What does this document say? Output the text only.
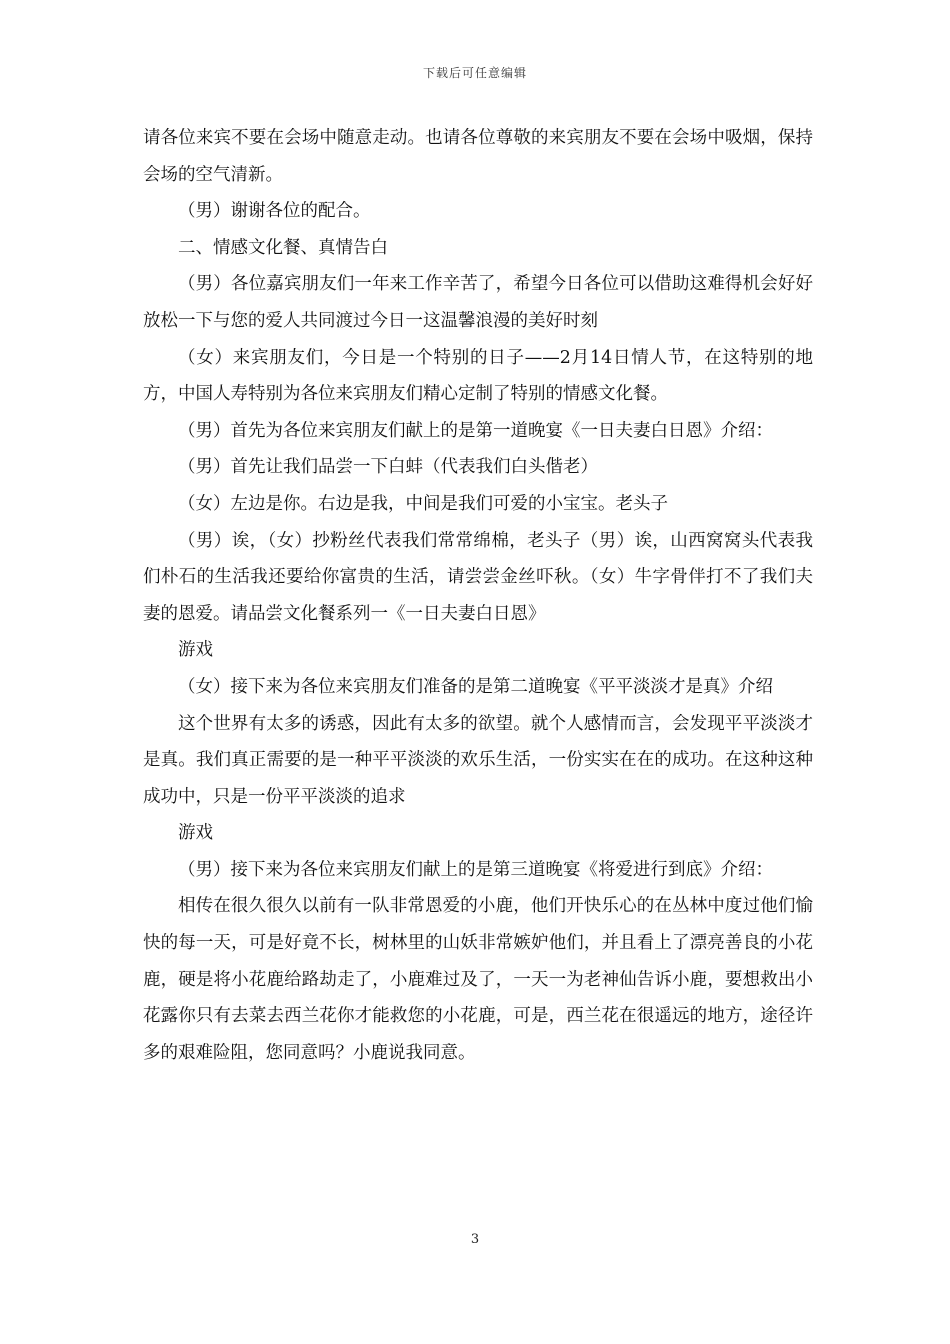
下载后可任意编辑

请各位来宾不要在会场中随意走动。也请各位尊敬的来宾朋友不要在会场中吸烟，保持会场的空气清新。

（男）谢谢各位的配合。

二、情感文化餐、真情告白

（男）各位嘉宾朋友们一年来工作辛苦了，希望今日各位可以借助这难得机会好好放松一下与您的爱人共同渡过今日一这温馨浪漫的美好时刻

（女）来宾朋友们，今日是一个特别的日子——2月14日情人节，在这特别的地方，中国人寿特别为各位来宾朋友们精心定制了特别的情感文化餐。

（男）首先为各位来宾朋友们献上的是第一道晚宴《一日夫妻白日恩》介绍：

（男）首先让我们品尝一下白蚌（代表我们白头偕老）

（女）左边是你。右边是我，中间是我们可爱的小宝宝。老头子

（男）诶，（女）抄粉丝代表我们常常绵棉，老头子（男）诶，山西窝窝头代表我们朴石的生活我还要给你富贵的生活，请尝尝金丝吓秋。（女）牛字骨伴打不了我们夫妻的恩爱。请品尝文化餐系列一《一日夫妻白日恩》

游戏

（女）接下来为各位来宾朋友们准备的是第二道晚宴《平平淡淡才是真》介绍

这个世界有太多的诱惑，因此有太多的欲望。就个人感情而言，会发现平平淡淡才是真。我们真正需要的是一种平平淡淡的欢乐生活，一份实实在在的成功。在这种这种成功中，只是一份平平淡淡的追求

游戏

（男）接下来为各位来宾朋友们献上的是第三道晚宴《将爱进行到底》介绍：

相传在很久很久以前有一队非常恩爱的小鹿，他们开快乐心的在丛林中度过他们愉快的每一天，可是好竟不长，树林里的山妖非常嫉妒他们，并且看上了漂亮善良的小花鹿，硬是将小花鹿给路劫走了，小鹿难过及了，一天一为老神仙告诉小鹿，要想救出小花露你只有去菜去西兰花你才能救您的小花鹿，可是，西兰花在很遥远的地方，途径许多的艰难险阻，您同意吗？小鹿说我同意。

3
